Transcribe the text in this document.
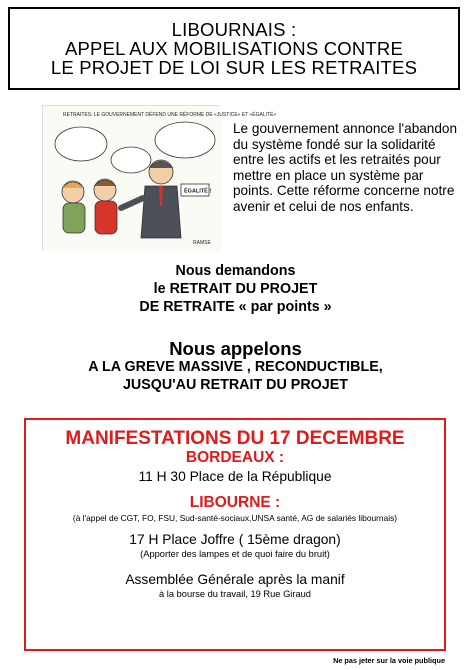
LIBOURNAIS :
APPEL AUX MOBILISATIONS CONTRE
LE PROJET DE LOI SUR LES RETRAITES
RETRAITES: LE GOUVERNEMENT DÉFEND UNE RÉFORME DE «JUSTICE» ET «ÉGALITÉ»
ÉGALITÉ !
RAMSE
Le gouvernement annonce l'abandon du système fondé sur la solidarité entre les actifs et les retraités pour mettre en place un système par points. Cette réforme concerne notre avenir et celui de nos enfants.
Nous demandons
le RETRAIT DU PROJET
DE RETRAITE « par points »
Nous appelons
A LA GREVE MASSIVE , RECONDUCTIBLE,
JUSQU'AU RETRAIT DU PROJET
MANIFESTATIONS DU 17 DECEMBRE
BORDEAUX :
11 H 30 Place de la République
LIBOURNE :
(à l'appel de CGT, FO, FSU, Sud-santé-sociaux,UNSA santé, AG de salariés libournais)
17 H Place Joffre ( 15ème dragon)
(Apporter des lampes et de quoi faire du bruit)
Assemblée Générale après la manif
à la bourse du travail, 19 Rue Giraud
Ne pas jeter sur la voie publique
